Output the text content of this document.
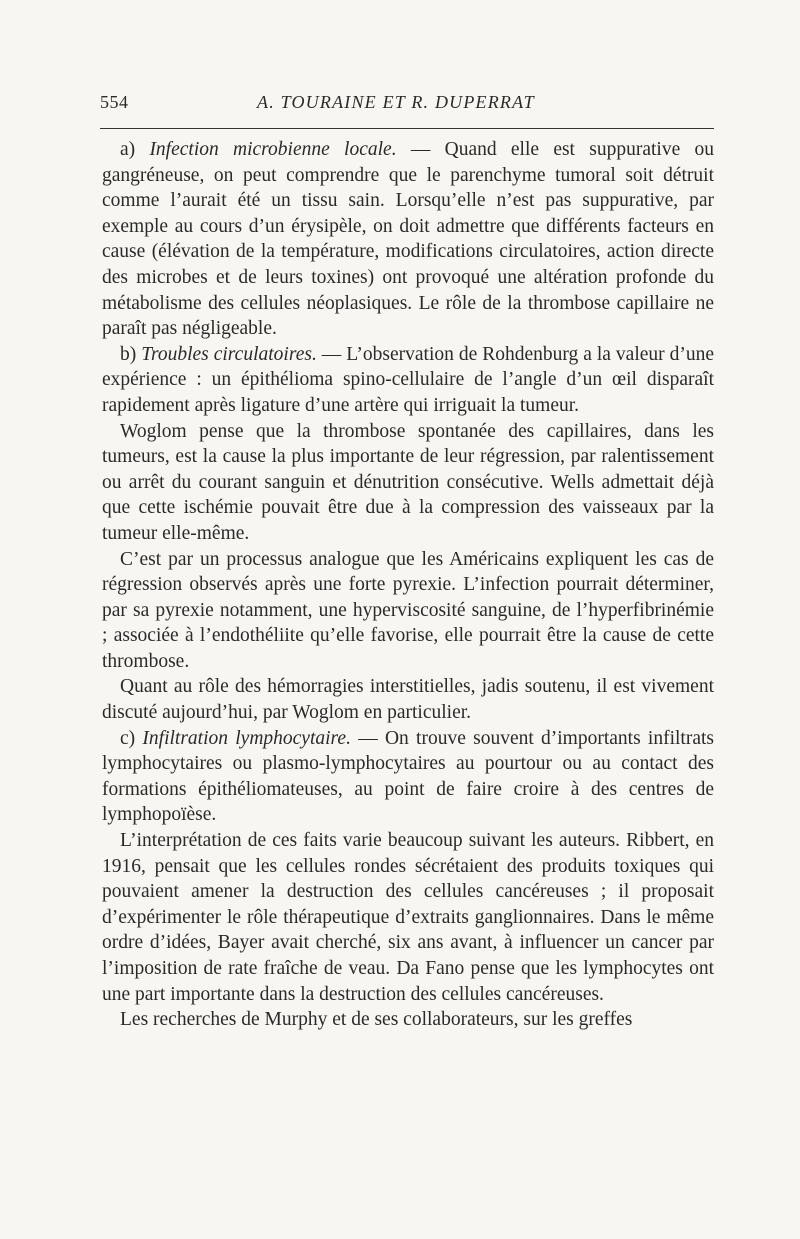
554	A. TOURAINE ET R. DUPERRAT

a) Infection microbienne locale. — Quand elle est suppurative ou gangréneuse, on peut comprendre que le parenchyme tumoral soit détruit comme l’aurait été un tissu sain. Lorsqu’elle n’est pas suppurative, par exemple au cours d’un érysipèle, on doit admettre que différents facteurs en cause (élévation de la température, modifications circulatoires, action directe des microbes et de leurs toxines) ont provoqué une altération profonde du métabolisme des cellules néoplasiques. Le rôle de la thrombose capillaire ne paraît pas négligeable.

b) Troubles circulatoires. — L’observation de Rohdenburg a la valeur d’une expérience : un épithélioma spino-cellulaire de l’angle d’un œil disparaît rapidement après ligature d’une artère qui irriguait la tumeur.

Woglom pense que la thrombose spontanée des capillaires, dans les tumeurs, est la cause la plus importante de leur régression, par ralentissement ou arrêt du courant sanguin et dénutrition consécutive. Wells admettait déjà que cette ischémie pouvait être due à la compression des vaisseaux par la tumeur elle-même.

C’est par un processus analogue que les Américains expliquent les cas de régression observés après une forte pyrexie. L’infection pourrait déterminer, par sa pyrexie notamment, une hyperviscosité sanguine, de l’hyperfibrinémie ; associée à l’endothéliite qu’elle favorise, elle pourrait être la cause de cette thrombose.

Quant au rôle des hémorragies interstitielles, jadis soutenu, il est vivement discuté aujourd’hui, par Woglom en particulier.

c) Infiltration lymphocytaire. — On trouve souvent d’importants infiltrats lymphocytaires ou plasmo-lymphocytaires au pourtour ou au contact des formations épithéliomateuses, au point de faire croire à des centres de lymphopoïèse.

L’interprétation de ces faits varie beaucoup suivant les auteurs. Ribbert, en 1916, pensait que les cellules rondes sécrétaient des produits toxiques qui pouvaient amener la destruction des cellules cancéreuses ; il proposait d’expérimenter le rôle thérapeutique d’extraits ganglionnaires. Dans le même ordre d’idées, Bayer avait cherché, six ans avant, à influencer un cancer par l’imposition de rate fraîche de veau. Da Fano pense que les lymphocytes ont une part importante dans la destruction des cellules cancéreuses.

Les recherches de Murphy et de ses collaborateurs, sur les greffes
